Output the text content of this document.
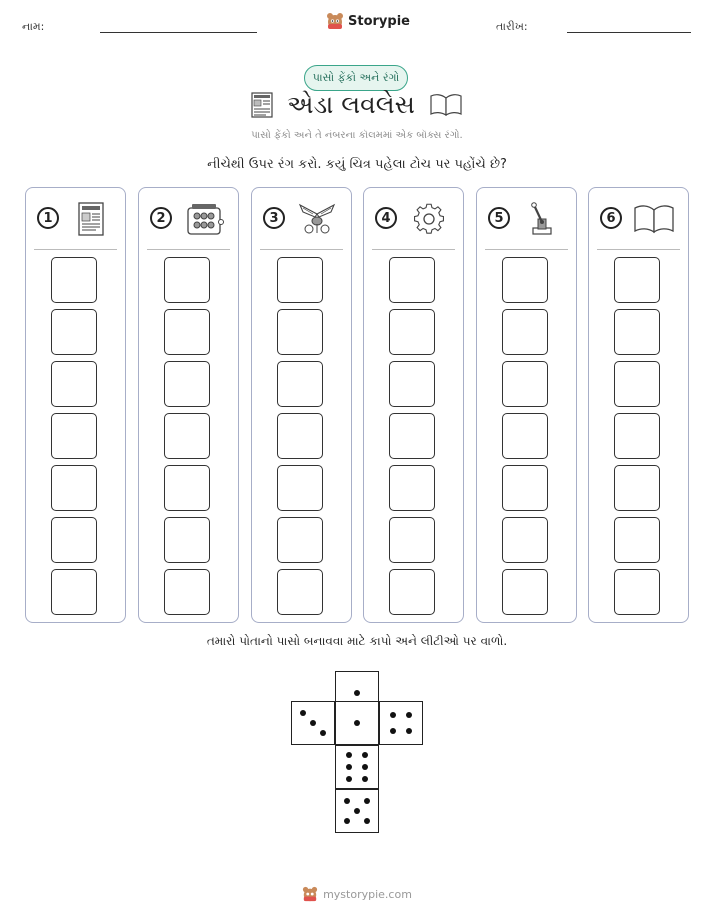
નામ:	Storypie	તારીખ:
પાસો ફેંકો અને રંગો
એડા લવલેસ
પાસો ફેંકો અને તે નંબરના કૉલમમાં એક બૉક્સ રંગો.
નીચેથી ઉપર રંગ કરો. કયું ચિત્ર પહેલા ટોચ પર પહોંચે છે?
1	2	3	4	5	6
તમારો પોતાનો પાસો બનાવવા માટે કાપો અને લીટીઓ પર વાળો.
mystorypie.com
